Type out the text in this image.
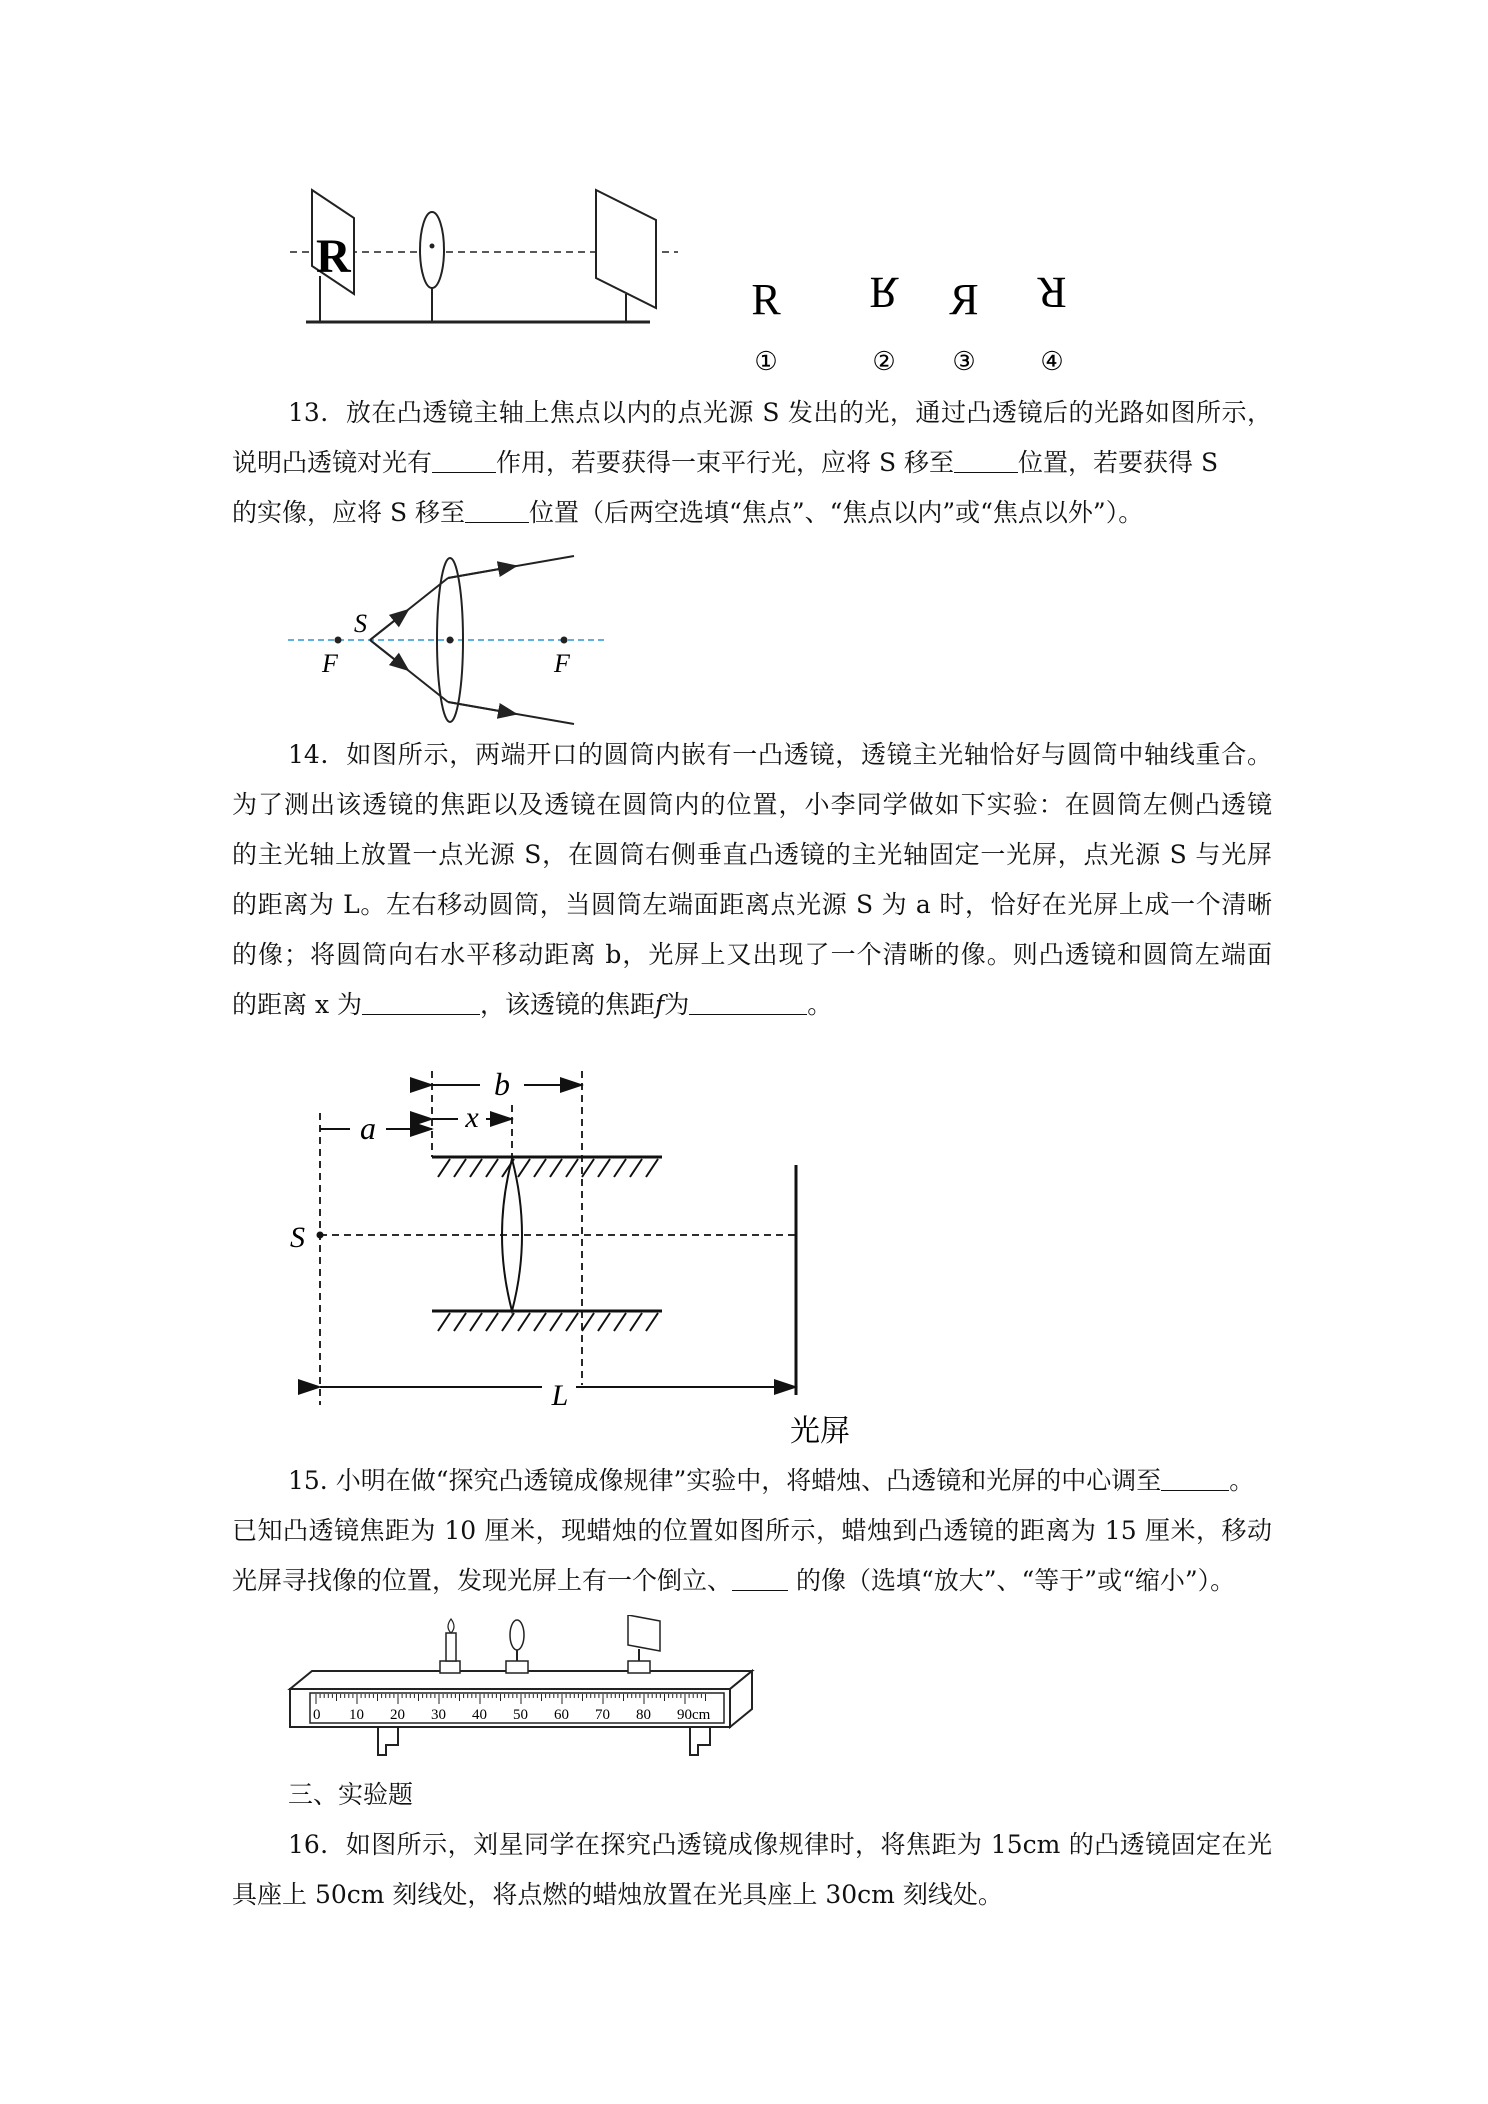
R
R
①
R
②
R
③
R
④
13．放在凸透镜主轴上焦点以内的点光源 S 发出的光，通过凸透镜后的光路如图所示，
说明凸透镜对光有	作用，若要获得一束平行光，应将 S 移至	位置，若要获得 S
的实像，应将 S 移至	位置（后两空选填“焦点”、“焦点以内”或“焦点以外”）。
S
F	F
14．如图所示，两端开口的圆筒内嵌有一凸透镜，透镜主光轴恰好与圆筒中轴线重合。
为了测出该透镜的焦距以及透镜在圆筒内的位置，小李同学做如下实验：在圆筒左侧凸透镜
的主光轴上放置一点光源 S，在圆筒右侧垂直凸透镜的主光轴固定一光屏，点光源 S 与光屏
的距离为 L。左右移动圆筒，当圆筒左端面距离点光源 S 为 a 时，恰好在光屏上成一个清晰
的像；将圆筒向右水平移动距离 b，光屏上又出现了一个清晰的像。则凸透镜和圆筒左端面
的距离 x 为	，该透镜的焦距f为	。
b
x
a
S
L
光屏
15. 小明在做“探究凸透镜成像规律”实验中，将蜡烛、凸透镜和光屏的中心调至	。
已知凸透镜焦距为 10 厘米，现蜡烛的位置如图所示，蜡烛到凸透镜的距离为 15 厘米，移动
光屏寻找像的位置，发现光屏上有一个倒立、 的像（选填“放大”、“等于”或“缩小”）。
0 10 20 30 40 50 60 70 80 90cm

三、实验题

16．如图所示，刘星同学在探究凸透镜成像规律时，将焦距为 15cm 的凸透镜固定在光
具座上 50cm 刻线处，将点燃的蜡烛放置在光具座上 30cm 刻线处。
